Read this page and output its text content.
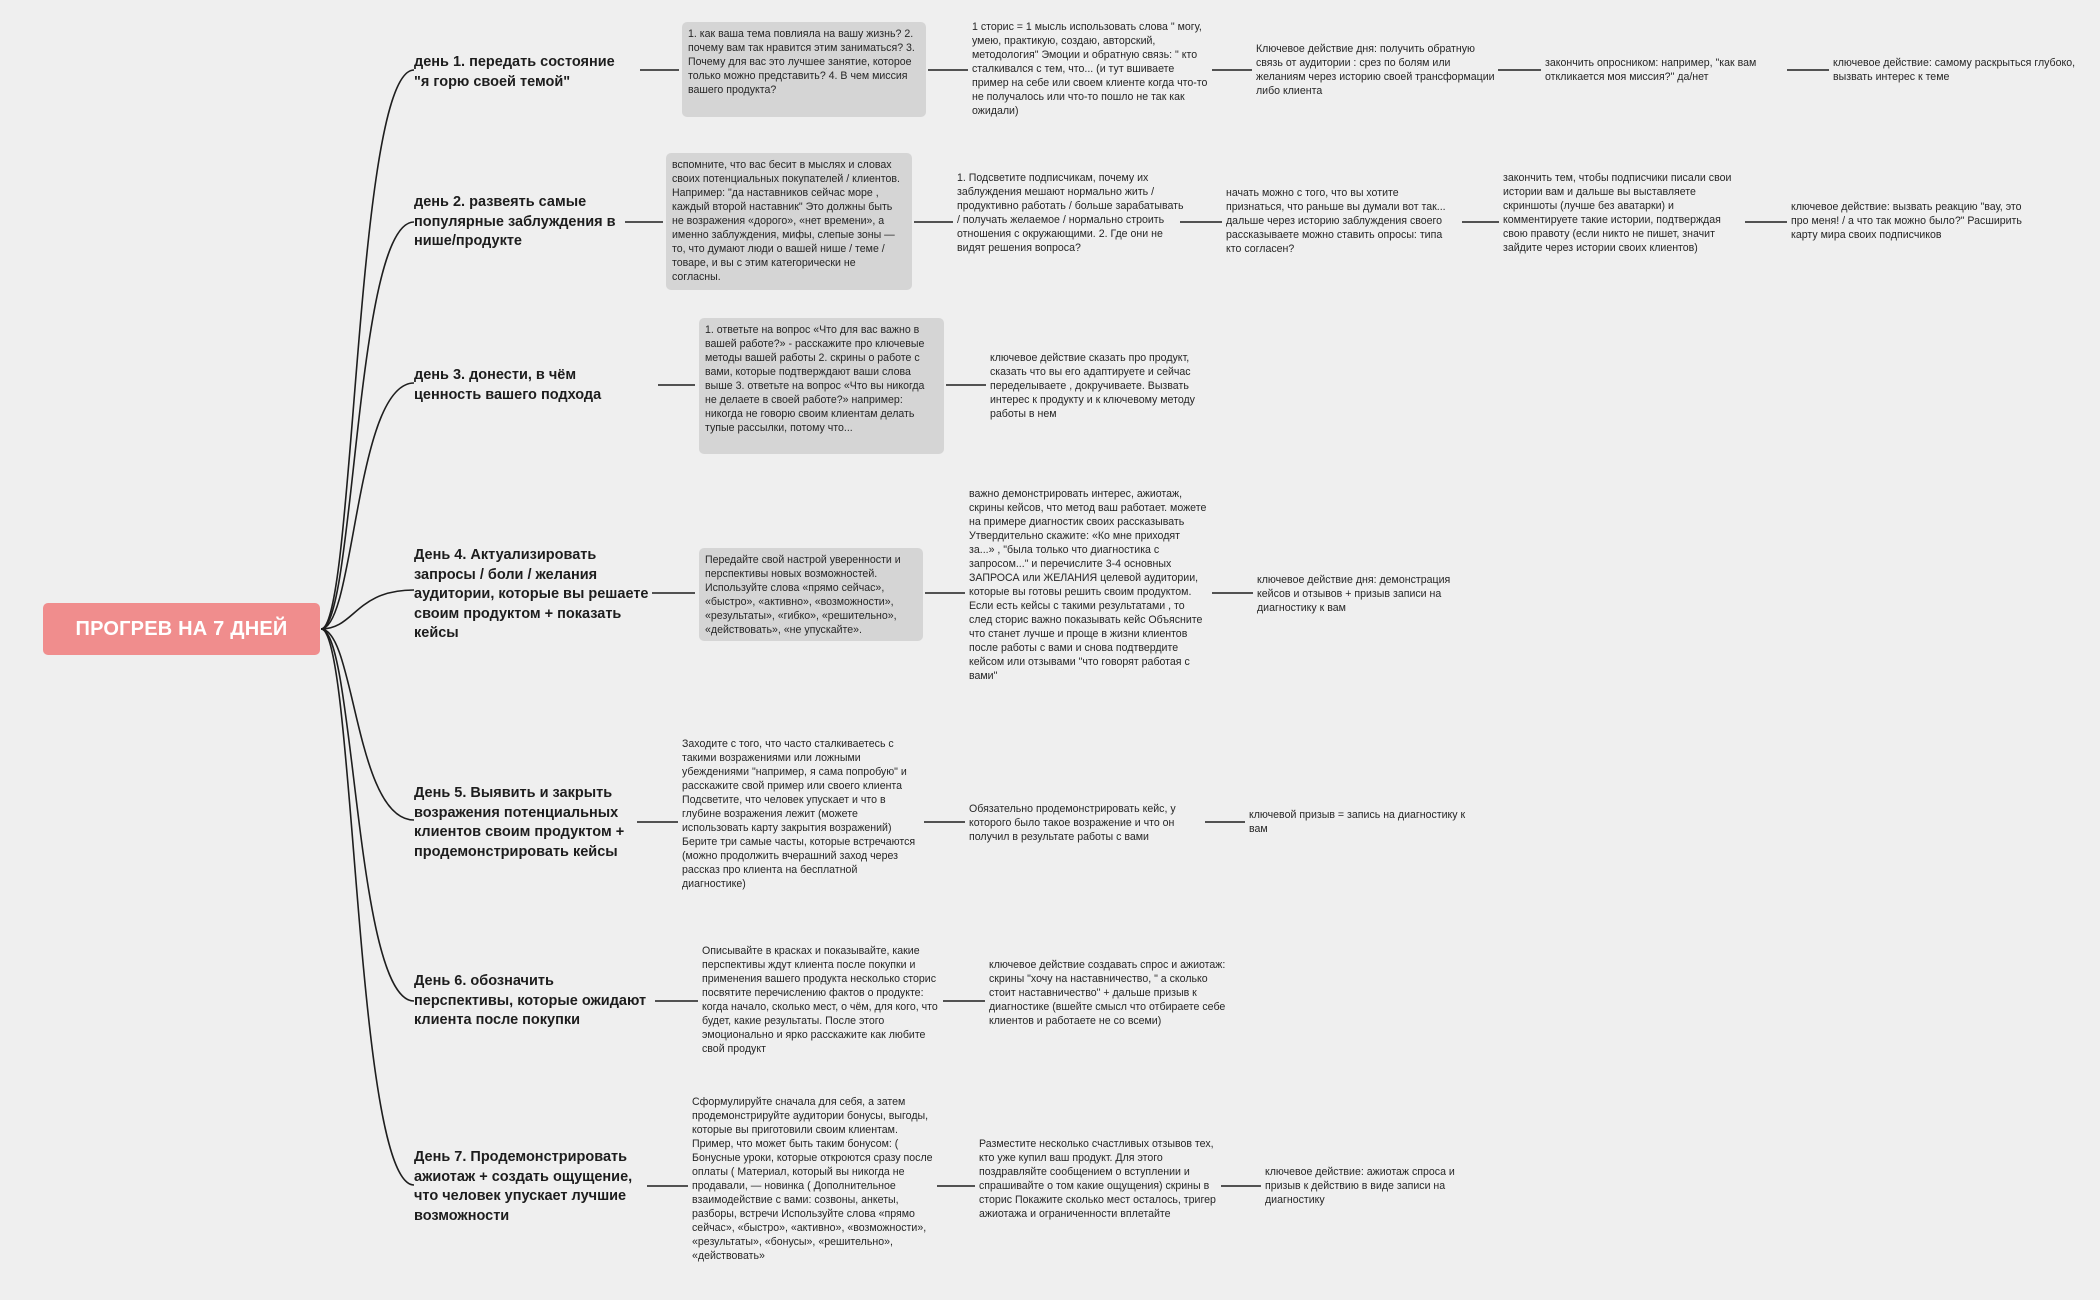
ПРОГРЕВ НА 7 ДНЕЙ
день 1. передать состояние "я горю своей темой"
1. как ваша тема повлияла на вашу жизнь? 2. почему вам так нравится этим заниматься? 3. Почему для вас это лучшее занятие, которое только можно представить? 4. В чем миссия вашего продукта?
1 сторис = 1 мысль использовать слова " могу, умею, практикую, создаю, авторский, методология" Эмоции и обратную связь: " кто сталкивался с тем, что... (и тут вшиваете пример на себе или своем клиенте когда что-то не получалось или что-то пошло не так как ожидали)
Ключевое действие дня: получить обратную связь от аудитории : срез по болям или желаниям через историю своей трансформации либо клиента
закончить опросником: например, "как вам откликается моя миссия?" да/нет
ключевое действие: самому раскрыться глубоко, вызвать интерес к теме
день 2. развеять самые популярные заблуждения в нише/продукте
вспомните, что вас бесит в мыслях и словах своих потенциальных покупателей / клиентов. Например: "да наставников сейчас море , каждый второй наставник" Это должны быть не возражения «дорого», «нет времени», а именно заблуждения, мифы, слепые зоны — то, что думают люди о вашей нише / теме / товаре, и вы с этим категорически не согласны.
1. Подсветите подписчикам, почему их заблуждения мешают нормально жить / продуктивно работать / больше зарабатывать / получать желаемое / нормально строить отношения с окружающими. 2. Где они не видят решения вопроса?
начать можно с того, что вы хотите признаться, что раньше вы думали вот так... дальше через историю заблуждения своего рассказываете можно ставить опросы: типа кто согласен?
закончить тем, чтобы подписчики писали свои истории вам и дальше вы выставляете скриншоты (лучше без аватарки) и комментируете такие истории, подтверждая свою правоту (если никто не пишет, значит зайдите через истории своих клиентов)
ключевое действие: вызвать реакцию "вау, это про меня! / а что так можно было?" Расширить карту мира своих подписчиков
день 3. донести, в чём ценность вашего подхода
1. ответьте на вопрос «Что для вас важно в вашей работе?» - расскажите про ключевые методы вашей работы 2. скрины о работе с вами, которые подтверждают ваши слова выше 3. ответьте на вопрос «Что вы никогда не делаете в своей работе?» например: никогда не говорю своим клиентам делать тупые рассылки, потому что...
ключевое действие сказать про продукт, сказать что вы его адаптируете и сейчас переделываете , докручиваете. Вызвать интерес к продукту и к ключевому методу работы в нем
День 4. Актуализировать запросы / боли / желания аудитории, которые вы решаете своим продуктом + показать кейсы
Передайте свой настрой уверенности и перспективы новых возможностей. Используйте слова «прямо сейчас», «быстро», «активно», «возможности», «результаты», «гибко», «решительно», «действовать», «не упускайте».
важно демонстрировать интерес, ажиотаж, скрины кейсов, что метод ваш работает. можете на примере диагностик своих рассказывать Утвердительно скажите: «Ко мне приходят за...» , "была только что диагностика с запросом..." и перечислите 3-4 основных ЗАПРОСА или ЖЕЛАНИЯ целевой аудитории, которые вы готовы решить своим продуктом. Если есть кейсы с такими результатами , то след сторис важно показывать кейс Объясните что станет лучше и проще в жизни клиентов после работы с вами и снова подтвердите кейсом или отзывами "что говорят работая с вами"
ключевое действие дня: демонстрация кейсов и отзывов + призыв записи на диагностику к вам
День 5. Выявить и закрыть возражения потенциальных клиентов своим продуктом + продемонстрировать кейсы
Заходите с того, что часто сталкиваетесь с такими возражениями или ложными убеждениями "например, я сама попробую" и расскажите свой пример или своего клиента Подсветите, что человек упускает и что в глубине возражения лежит (можете использовать карту закрытия возражений) Берите три самые часты, которые встречаются (можно продолжить вчерашний заход через рассказ про клиента на бесплатной диагностике)
Обязательно продемонстрировать кейс, у которого было такое возражение и что он получил в результате работы с вами
ключевой призыв = запись на диагностику к вам
День 6. обозначить перспективы, которые ожидают клиента после покупки
Описывайте в красках и показывайте, какие перспективы ждут клиента после покупки и применения вашего продукта несколько сторис посвятите перечислению фактов о продукте: когда начало, сколько мест, о чём, для кого, что будет, какие результаты. После этого эмоционально и ярко расскажите как любите свой продукт
ключевое действие создавать спрос и ажиотаж: скрины "хочу на наставничество, " а сколько стоит наставничество" + дальше призыв к диагностике (вшейте смысл что отбираете себе клиентов и работаете не со всеми)
День 7. Продемонстрировать ажиотаж + создать ощущение, что человек упускает лучшие возможности
Сформулируйте сначала для себя, а затем продемонстрируйте аудитории бонусы, выгоды, которые вы приготовили своим клиентам. Пример, что может быть таким бонусом: ( Бонусные уроки, которые откроются сразу после оплаты ( Материал, который вы никогда не продавали, — новинка ( Дополнительное взаимодействие с вами: созвоны, анкеты, разборы, встречи Используйте слова «прямо сейчас», «быстро», «активно», «возможности», «результаты», «бонусы», «решительно», «действовать»
Разместите несколько счастливых отзывов тех, кто уже купил ваш продукт. Для этого поздравляйте сообщением о вступлении и спрашивайте о том какие ощущения) скрины в сторис Покажите сколько мест осталось, тригер ажиотажа и ограниченности вплетайте
ключевое действие: ажиотаж спроса и призыв к действию в виде записи на диагностику
